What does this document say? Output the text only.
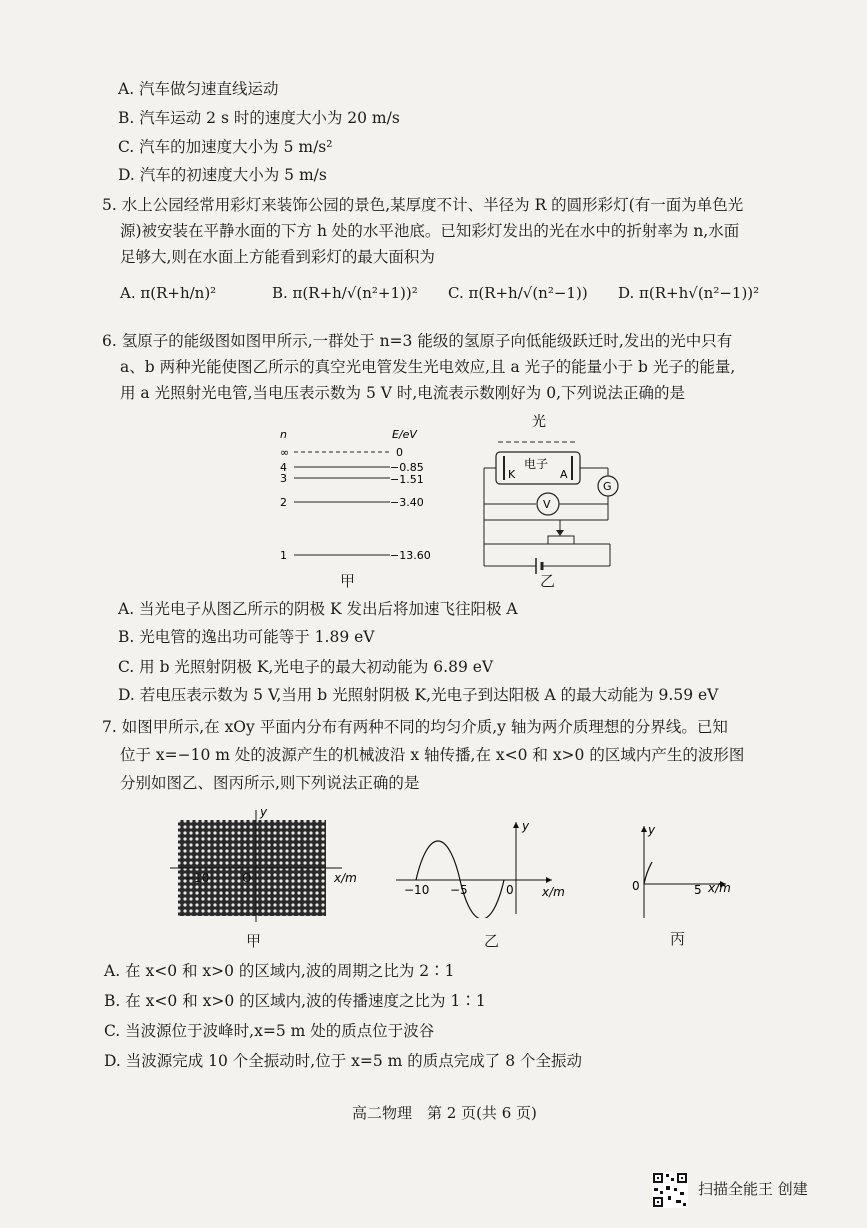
A. 汽车做匀速直线运动
B. 汽车运动 2 s 时的速度大小为 20 m/s
C. 汽车的加速度大小为 5 m/s²
D. 汽车的初速度大小为 5 m/s
5. 水上公园经常用彩灯来装饰公园的景色,某厚度不计、半径为 R 的圆形彩灯(有一面为单色光
源)被安装在平静水面的下方 h 处的水平池底。已知彩灯发出的光在水中的折射率为 n,水面
足够大,则在水面上方能看到彩灯的最大面积为
A. π(R+h/n)²	B. π(R+h/√(n²+1))² C. π(R+h/√(n²−1)) D. π(R+h√(n²−1))²
6. 氢原子的能级图如图甲所示,一群处于 n=3 能级的氢原子向低能级跃迁时,发出的光中只有
a、b 两种光能使图乙所示的真空光电管发生光电效应,且 a 光子的能量小于 b 光子的能量,
用 a 光照射光电管,当电压表示数为 5 V 时,电流表示数刚好为 0,下列说法正确的是
n	E/eV
∞	0
4	−0.85
3	−1.51
2	−3.40
1	−13.60
甲
光
K	A
电子
G
V
乙
A. 当光电子从图乙所示的阴极 K 发出后将加速飞往阳极 A
B. 光电管的逸出功可能等于 1.89 eV
C. 用 b 光照射阴极 K,光电子的最大初动能为 6.89 eV
D. 若电压表示数为 5 V,当用 b 光照射阴极 K,光电子到达阳极 A 的最大动能为 9.59 eV
7. 如图甲所示,在 xOy 平面内分布有两种不同的均匀介质,y 轴为两介质理想的分界线。已知
位于 x=−10 m 处的波源产生的机械波沿 x 轴传播,在 x<0 和 x>0 的区域内产生的波形图
分别如图乙、图丙所示,则下列说法正确的是
y
x/m
−10	O
甲
y
x/m
−10 −5	0
乙
y
x/m
0	5
丙
A. 在 x<0 和 x>0 的区域内,波的周期之比为 2∶1
B. 在 x<0 和 x>0 的区域内,波的传播速度之比为 1∶1
C. 当波源位于波峰时,x=5 m 处的质点位于波谷
D. 当波源完成 10 个全振动时,位于 x=5 m 的质点完成了 8 个全振动
高二物理　第 2 页(共 6 页)
扫描全能王 创建
